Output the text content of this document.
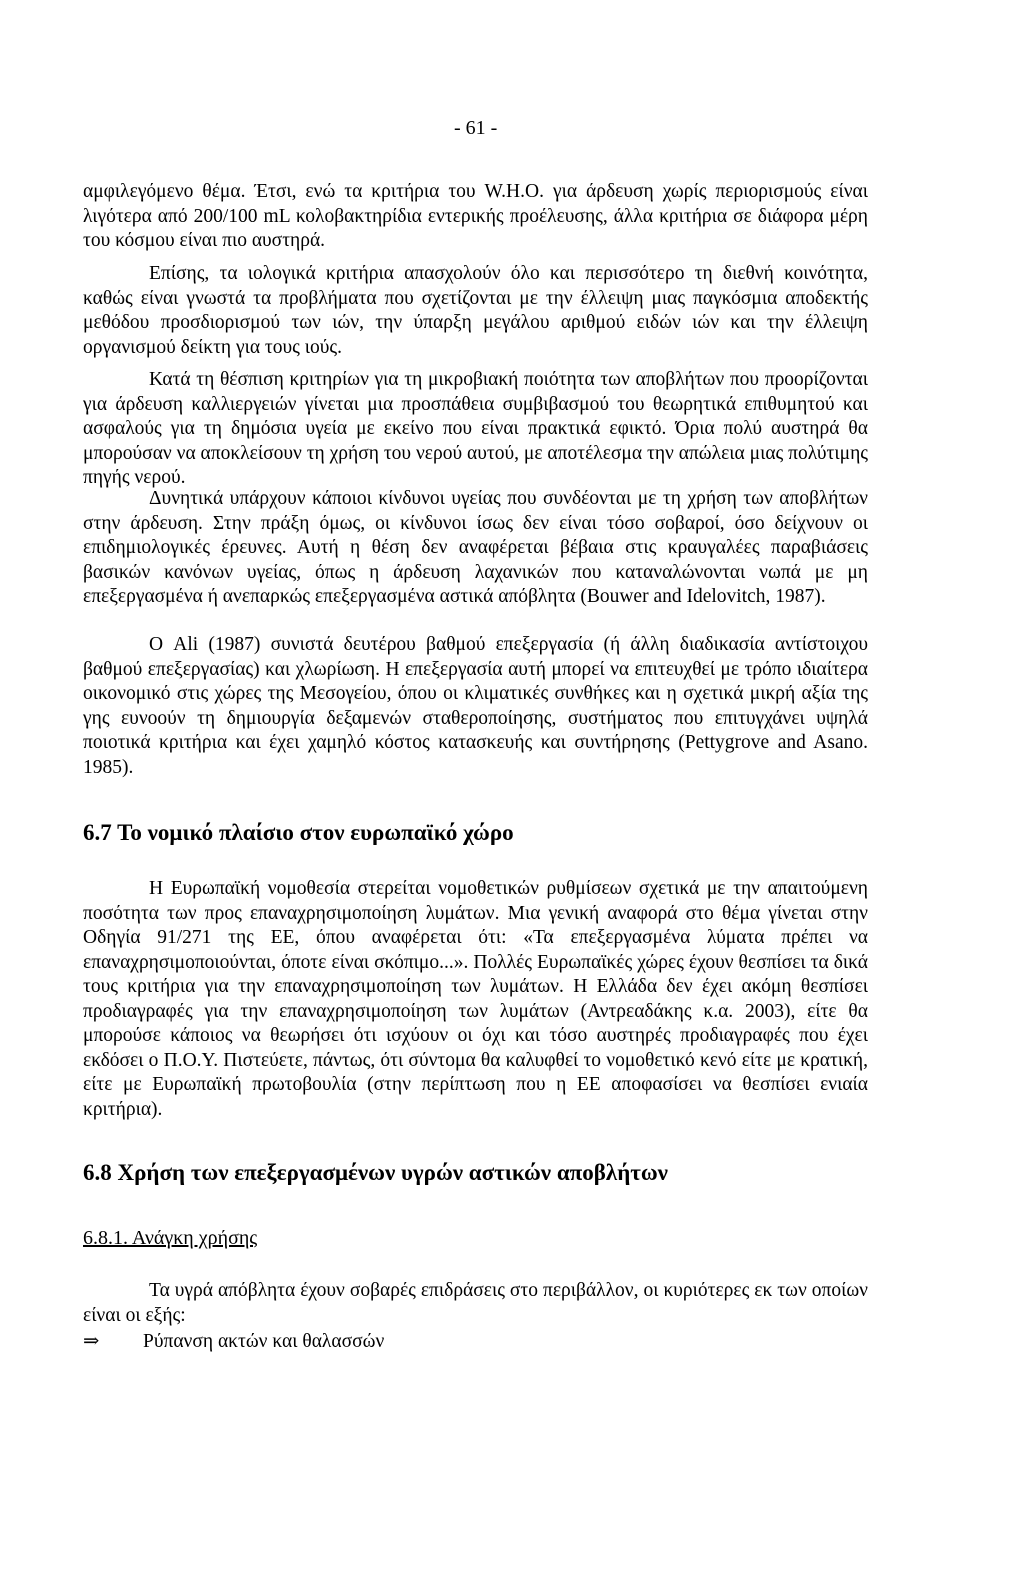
- 61 -
αμφιλεγόμενο θέμα. Έτσι, ενώ τα κριτήρια του W.H.O. για άρδευση χωρίς περιορισμούς είναι λιγότερα από 200/100 mL κολοβακτηρίδια εντερικής προέλευσης, άλλα κριτήρια σε διάφορα μέρη του κόσμου είναι πιο αυστηρά.
Επίσης, τα ιολογικά κριτήρια απασχολούν όλο και περισσότερο τη διεθνή κοινότητα, καθώς είναι γνωστά τα προβλήματα που σχετίζονται με την έλλειψη μιας παγκόσμια αποδεκτής μεθόδου προσδιορισμού των ιών, την ύπαρξη μεγάλου αριθμού ειδών ιών και την έλλειψη οργανισμού δείκτη για τους ιούς.
Κατά τη θέσπιση κριτηρίων για τη μικροβιακή ποιότητα των αποβλήτων που προορίζονται για άρδευση καλλιεργειών γίνεται μια προσπάθεια συμβιβασμού του θεωρητικά επιθυμητού και ασφαλούς για τη δημόσια υγεία με εκείνο που είναι πρακτικά εφικτό. Όρια πολύ αυστηρά θα μπορούσαν να αποκλείσουν τη χρήση του νερού αυτού, με αποτέλεσμα την απώλεια μιας πολύτιμης πηγής νερού.
Δυνητικά υπάρχουν κάποιοι κίνδυνοι υγείας που συνδέονται με τη χρήση των αποβλήτων στην άρδευση. Στην πράξη όμως, οι κίνδυνοι ίσως δεν είναι τόσο σοβαροί, όσο δείχνουν οι επιδημιολογικές έρευνες. Αυτή η θέση δεν αναφέρεται βέβαια στις κραυγαλέες παραβιάσεις βασικών κανόνων υγείας, όπως η άρδευση λαχανικών που καταναλώνονται νωπά με μη επεξεργασμένα ή ανεπαρκώς επεξεργασμένα αστικά απόβλητα (Bouwer and Idelovitch, 1987).
Ο Ali (1987) συνιστά δευτέρου βαθμού επεξεργασία (ή άλλη διαδικασία αντίστοιχου βαθμού επεξεργασίας) και χλωρίωση. Η επεξεργασία αυτή μπορεί να επιτευχθεί με τρόπο ιδιαίτερα οικονομικό στις χώρες της Μεσογείου, όπου οι κλιματικές συνθήκες και η σχετικά μικρή αξία της γης ευνοούν τη δημιουργία δεξαμενών σταθεροποίησης, συστήματος που επιτυγχάνει υψηλά ποιοτικά κριτήρια και έχει χαμηλό κόστος κατασκευής και συντήρησης (Pettygrove and Asano. 1985).
6.7 Το νομικό πλαίσιο στον ευρωπαϊκό χώρο
Η Ευρωπαϊκή νομοθεσία στερείται νομοθετικών ρυθμίσεων σχετικά με την απαιτούμενη ποσότητα των προς επαναχρησιμοποίηση λυμάτων. Μια γενική αναφορά στο θέμα γίνεται στην Οδηγία 91/271 της ΕΕ, όπου αναφέρεται ότι: «Τα επεξεργασμένα λύματα πρέπει να επαναχρησιμοποιούνται, όποτε είναι σκόπιμο...». Πολλές Ευρωπαϊκές χώρες έχουν θεσπίσει τα δικά τους κριτήρια για την επαναχρησιμοποίηση των λυμάτων. Η Ελλάδα δεν έχει ακόμη θεσπίσει προδιαγραφές για την επαναχρησιμοποίηση των λυμάτων (Αντρεαδάκης κ.α. 2003), είτε θα μπορούσε κάποιος να θεωρήσει ότι ισχύουν οι όχι και τόσο αυστηρές προδιαγραφές που έχει εκδόσει ο Π.Ο.Υ. Πιστεύετε, πάντως, ότι σύντομα θα καλυφθεί το νομοθετικό κενό είτε με κρατική, είτε με Ευρωπαϊκή πρωτοβουλία (στην περίπτωση που η ΕΕ αποφασίσει να θεσπίσει ενιαία κριτήρια).
6.8 Χρήση των επεξεργασμένων υγρών αστικών αποβλήτων
6.8.1. Ανάγκη χρήσης
Τα υγρά απόβλητα έχουν σοβαρές επιδράσεις στο περιβάλλον, οι κυριότερες εκ των οποίων είναι οι εξής:
⇒ Ρύπανση ακτών και θαλασσών
